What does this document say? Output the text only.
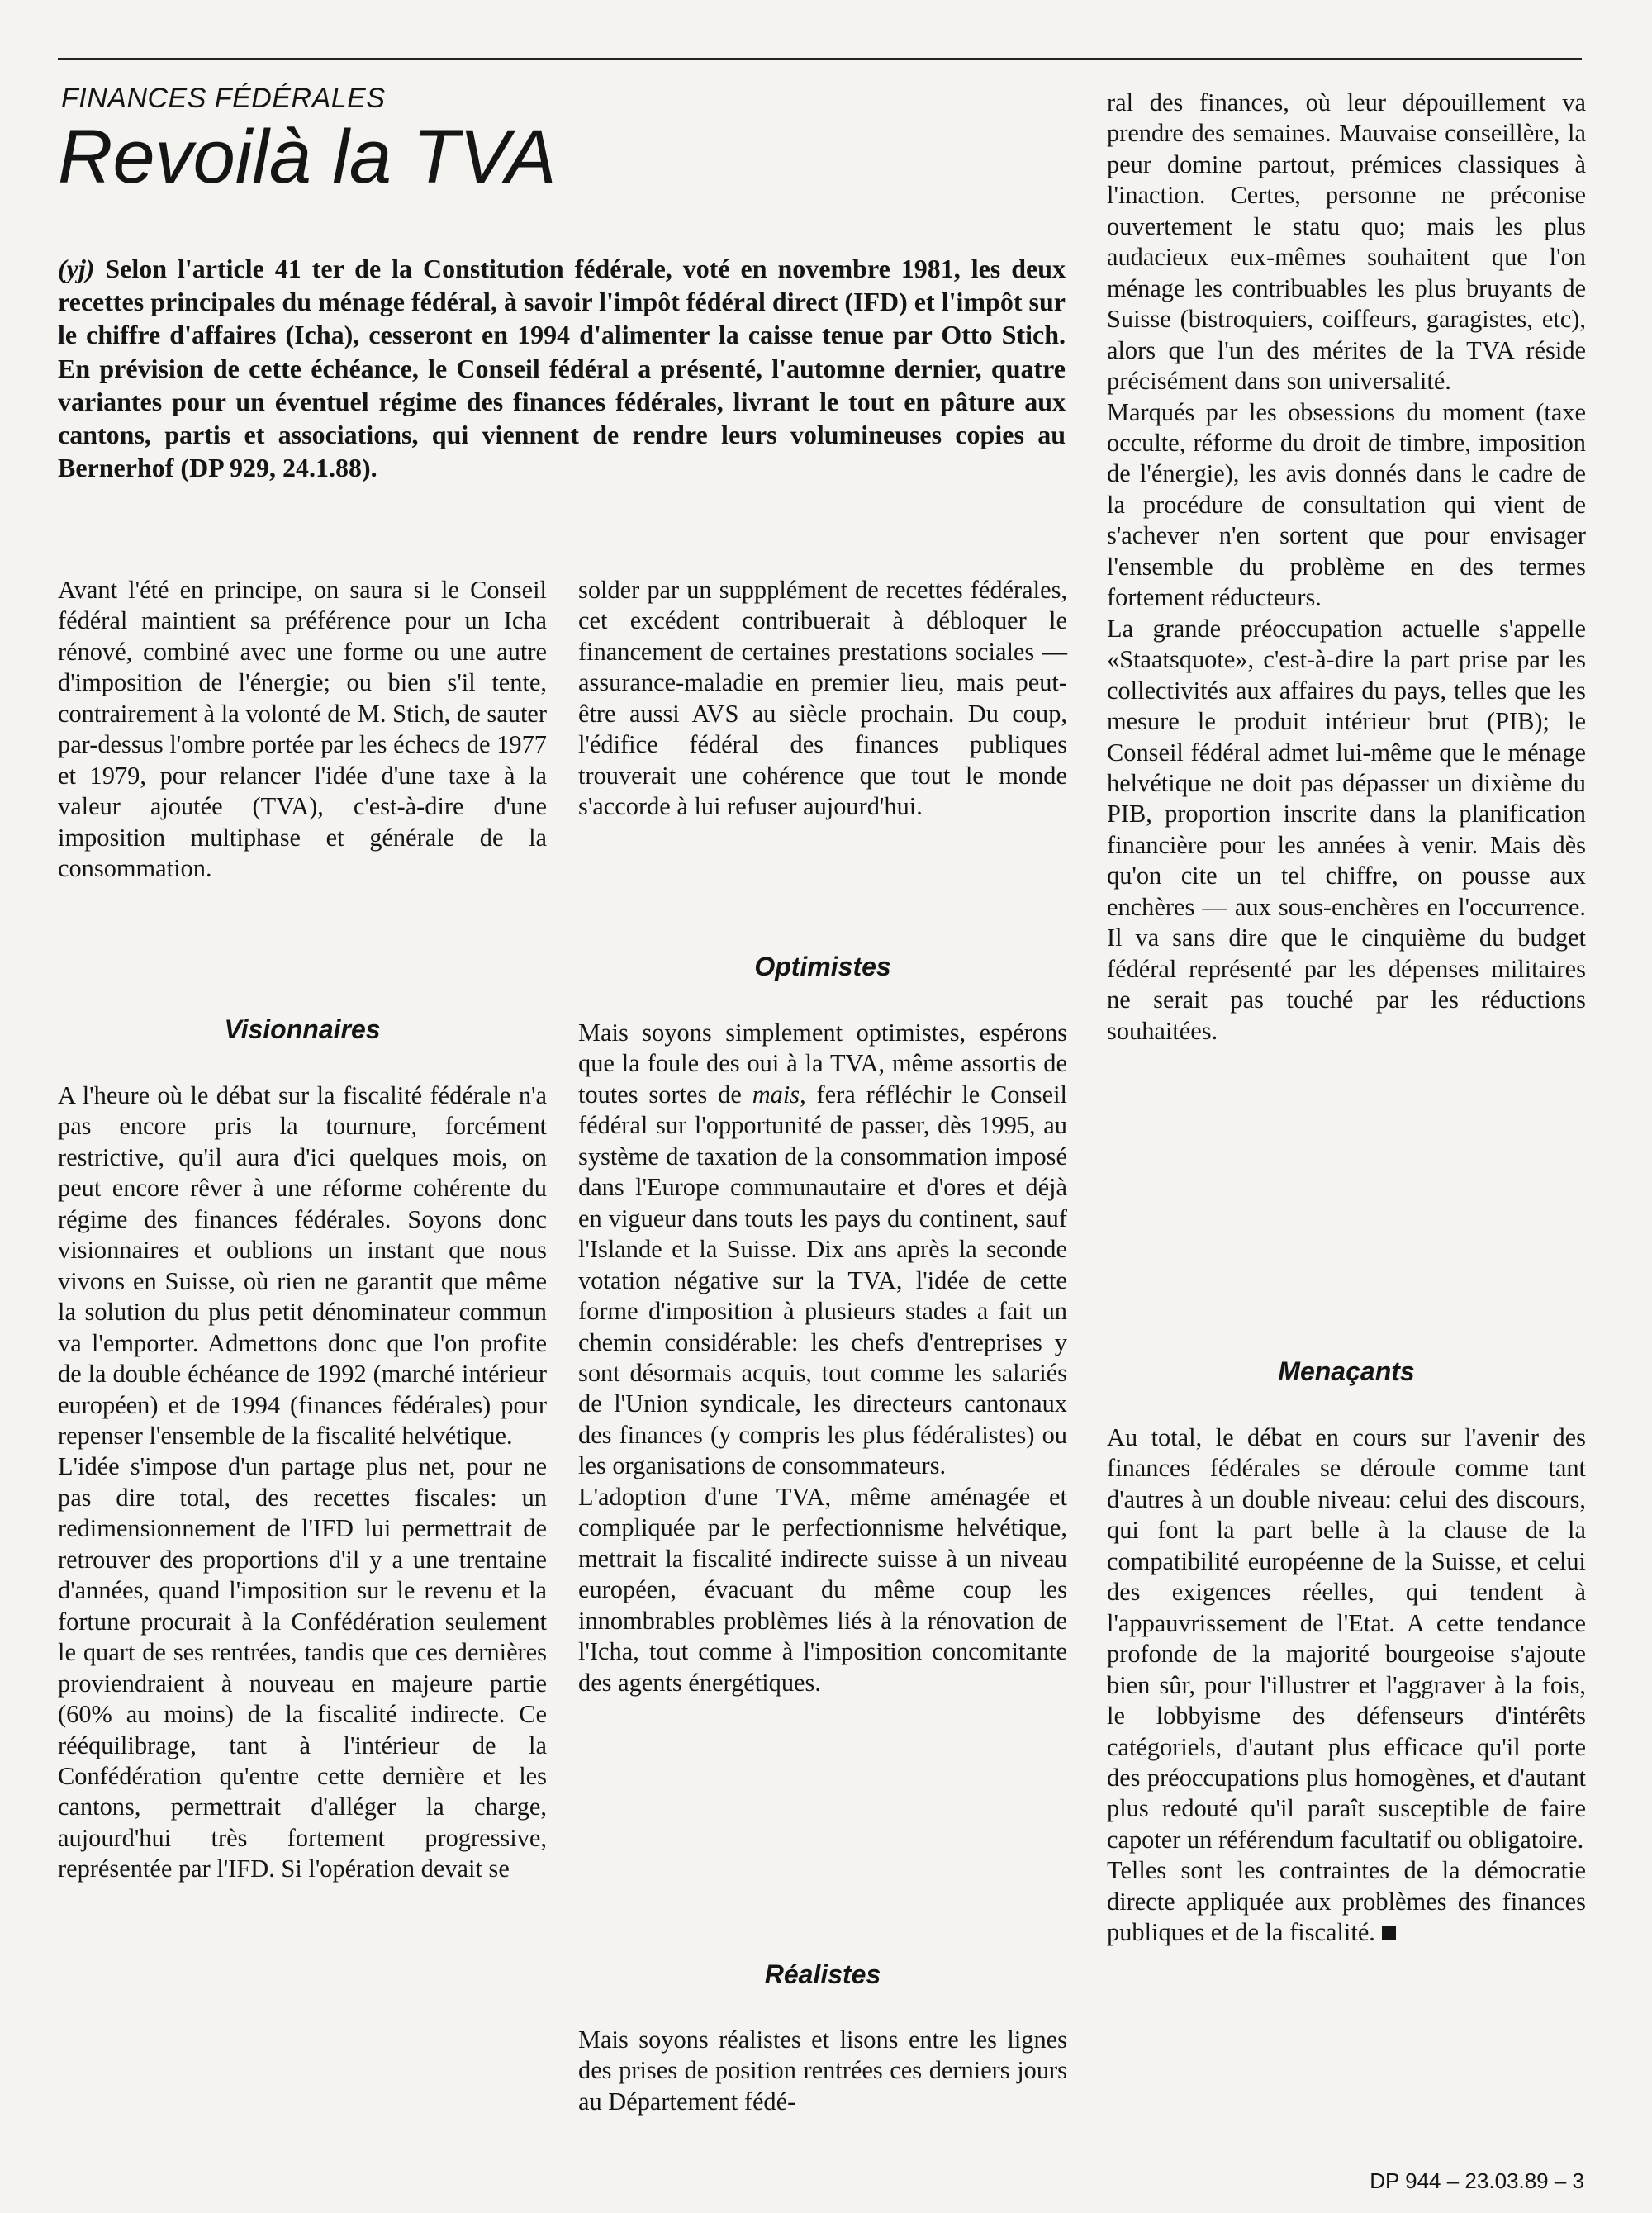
FINANCES FÉDÉRALES
Revoilà la TVA

(yj) Selon l'article 41 ter de la Constitution fédérale, voté en novembre 1981, les deux recettes principales du ménage fédéral, à savoir l'impôt fédéral direct (IFD) et l'impôt sur le chiffre d'affaires (Icha), cesseront en 1994 d'alimenter la caisse tenue par Otto Stich. En prévision de cette échéance, le Conseil fédéral a présenté, l'automne dernier, quatre variantes pour un éventuel régime des finances fédérales, livrant le tout en pâture aux cantons, partis et associations, qui viennent de rendre leurs volumineuses copies au Bernerhof (DP 929, 24.1.88).

Avant l'été en principe, on saura si le Conseil fédéral maintient sa préférence pour un Icha rénové, combiné avec une forme ou une autre d'imposition de l'énergie; ou bien s'il tente, contrairement à la volonté de M. Stich, de sauter par-dessus l'ombre portée par les échecs de 1977 et 1979, pour relancer l'idée d'une taxe à la valeur ajoutée (TVA), c'est-à-dire d'une imposition multiphase et générale de la consommation.

Visionnaires

A l'heure où le débat sur la fiscalité fédérale n'a pas encore pris la tournure, forcément restrictive, qu'il aura d'ici quelques mois, on peut encore rêver à une réforme cohérente du régime des finances fédérales. Soyons donc visionnaires et oublions un instant que nous vivons en Suisse, où rien ne garantit que même la solution du plus petit dénominateur commun va l'emporter. Admettons donc que l'on profite de la double échéance de 1992 (marché intérieur européen) et de 1994 (finances fédérales) pour repenser l'ensemble de la fiscalité helvétique.

L'idée s'impose d'un partage plus net, pour ne pas dire total, des recettes fiscales: un redimensionnement de l'IFD lui permettrait de retrouver des proportions d'il y a une trentaine d'années, quand l'imposition sur le revenu et la fortune procurait à la Confédération seulement le quart de ses rentrées, tandis que ces dernières proviendraient à nouveau en majeure partie (60% au moins) de la fiscalité indirecte. Ce rééquilibrage, tant à l'intérieur de la Confédération qu'entre cette dernière et les cantons, permettrait d'alléger la charge, aujourd'hui très fortement progressive, représentée par l'IFD. Si l'opération devait se

solder par un suppplément de recettes fédérales, cet excédent contribuerait à débloquer le financement de certaines prestations sociales — assurance-maladie en premier lieu, mais peut-être aussi AVS au siècle prochain. Du coup, l'édifice fédéral des finances publiques trouverait une cohérence que tout le monde s'accorde à lui refuser aujourd'hui.

Optimistes

Mais soyons simplement optimistes, espérons que la foule des oui à la TVA, même assortis de toutes sortes de mais, fera réfléchir le Conseil fédéral sur l'opportunité de passer, dès 1995, au système de taxation de la consommation imposé dans l'Europe communautaire et d'ores et déjà en vigueur dans touts les pays du continent, sauf l'Islande et la Suisse. Dix ans après la seconde votation négative sur la TVA, l'idée de cette forme d'imposition à plusieurs stades a fait un chemin considérable: les chefs d'entreprises y sont désormais acquis, tout comme les salariés de l'Union syndicale, les directeurs cantonaux des finances (y compris les plus fédéralistes) ou les organisations de consommateurs.

L'adoption d'une TVA, même aménagée et compliquée par le perfectionnisme helvétique, mettrait la fiscalité indirecte suisse à un niveau européen, évacuant du même coup les innombrables problèmes liés à la rénovation de l'Icha, tout comme à l'imposition concomitante des agents énergétiques.

Réalistes

Mais soyons réalistes et lisons entre les lignes des prises de position rentrées ces derniers jours au Département fédé-

ral des finances, où leur dépouillement va prendre des semaines. Mauvaise conseillère, la peur domine partout, prémices classiques à l'inaction. Certes, personne ne préconise ouvertement le statu quo; mais les plus audacieux eux-mêmes souhaitent que l'on ménage les contribuables les plus bruyants de Suisse (bistroquiers, coiffeurs, garagistes, etc), alors que l'un des mérites de la TVA réside précisément dans son universalité.

Marqués par les obsessions du moment (taxe occulte, réforme du droit de timbre, imposition de l'énergie), les avis donnés dans le cadre de la procédure de consultation qui vient de s'achever n'en sortent que pour envisager l'ensemble du problème en des termes fortement réducteurs.

La grande préoccupation actuelle s'appelle «Staatsquote», c'est-à-dire la part prise par les collectivités aux affaires du pays, telles que les mesure le produit intérieur brut (PIB); le Conseil fédéral admet lui-même que le ménage helvétique ne doit pas dépasser un dixième du PIB, proportion inscrite dans la planification financière pour les années à venir. Mais dès qu'on cite un tel chiffre, on pousse aux enchères — aux sous-enchères en l'occurrence. Il va sans dire que le cinquième du budget fédéral représenté par les dépenses militaires ne serait pas touché par les réductions souhaitées.

Menaçants

Au total, le débat en cours sur l'avenir des finances fédérales se déroule comme tant d'autres à un double niveau: celui des discours, qui font la part belle à la clause de la compatibilité européenne de la Suisse, et celui des exigences réelles, qui tendent à l'appauvrissement de l'Etat. A cette tendance profonde de la majorité bourgeoise s'ajoute bien sûr, pour l'illustrer et l'aggraver à la fois, le lobbyisme des défenseurs d'intérêts catégoriels, d'autant plus efficace qu'il porte des préoccupations plus homogènes, et d'autant plus redouté qu'il paraît susceptible de faire capoter un référendum facultatif ou obligatoire.

Telles sont les contraintes de la démocratie directe appliquée aux problèmes des finances publiques et de la fiscalité.

DP 944 – 23.03.89 – 3
